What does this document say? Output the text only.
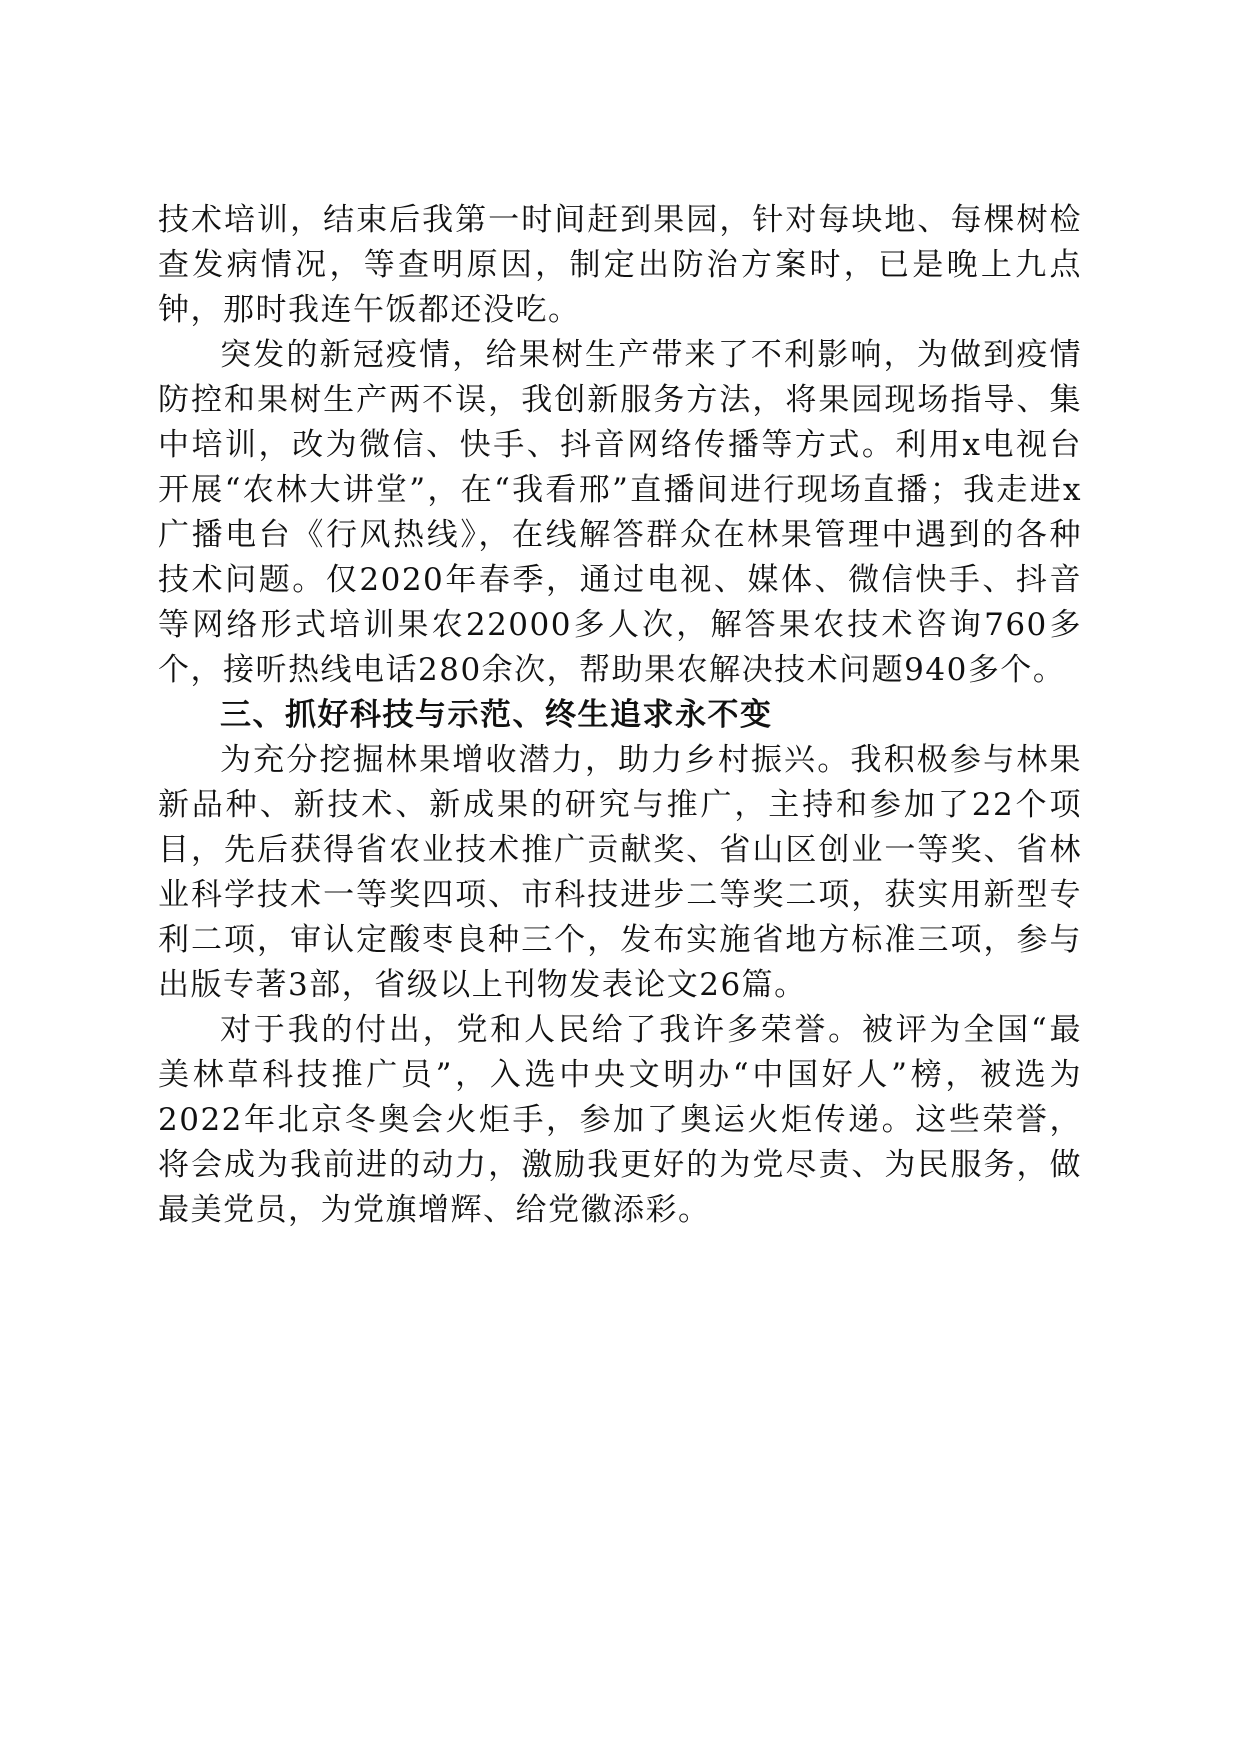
技术培训，结束后我第一时间赶到果园，针对每块地、每棵树检查发病情况，等查明原因，制定出防治方案时，已是晚上九点钟，那时我连午饭都还没吃。

突发的新冠疫情，给果树生产带来了不利影响，为做到疫情防控和果树生产两不误，我创新服务方法，将果园现场指导、集中培训，改为微信、快手、抖音网络传播等方式。利用x电视台开展“农林大讲堂”，在“我看邢”直播间进行现场直播；我走进x广播电台《行风热线》，在线解答群众在林果管理中遇到的各种技术问题。仅2020年春季，通过电视、媒体、微信快手、抖音等网络形式培训果农22000多人次，解答果农技术咨询760多个，接听热线电话280余次，帮助果农解决技术问题940多个。

三、抓好科技与示范、终生追求永不变

为充分挖掘林果增收潜力，助力乡村振兴。我积极参与林果新品种、新技术、新成果的研究与推广，主持和参加了22个项目，先后获得省农业技术推广贡献奖、省山区创业一等奖、省林业科学技术一等奖四项、市科技进步二等奖二项，获实用新型专利二项，审认定酸枣良种三个，发布实施省地方标准三项，参与出版专著3部，省级以上刊物发表论文26篇。

对于我的付出，党和人民给了我许多荣誉。被评为全国“最美林草科技推广员”，入选中央文明办“中国好人”榜，被选为2022年北京冬奥会火炬手，参加了奥运火炬传递。这些荣誉，将会成为我前进的动力，激励我更好的为党尽责、为民服务，做最美党员，为党旗增辉、给党徽添彩。
